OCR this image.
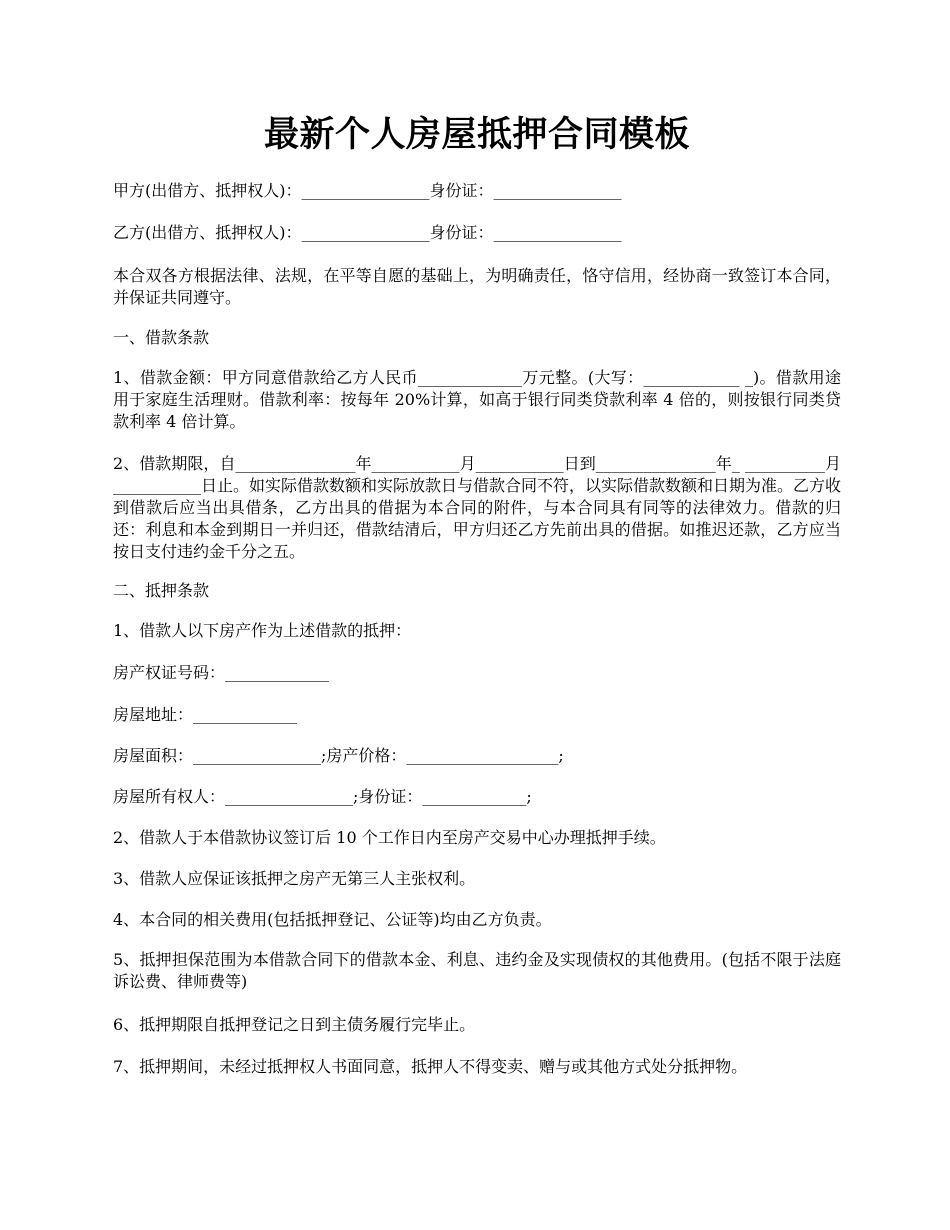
最新个人房屋抵押合同模板
甲方(出借方、抵押权人)：________________身份证：________________
乙方(出借方、抵押权人)：________________身份证：________________
本合双各方根据法律、法规，在平等自愿的基础上，为明确责任，恪守信用，经协商一致签订本合同，并保证共同遵守。
一、借款条款
1、借款金额：甲方同意借款给乙方人民币_____________万元整。(大写：____________ _)。借款用途用于家庭生活理财。借款利率：按每年 20%计算，如高于银行同类贷款利率 4 倍的，则按银行同类贷款利率 4 倍计算。
2、借款期限，自_______________年___________月___________日到_______________年_ __________月___________日止。如实际借款数额和实际放款日与借款合同不符，以实际借款数额和日期为准。乙方收到借款后应当出具借条，乙方出具的借据为本合同的附件，与本合同具有同等的法律效力。借款的归还：利息和本金到期日一并归还，借款结清后，甲方归还乙方先前出具的借据。如推迟还款，乙方应当按日支付违约金千分之五。
二、抵押条款
1、借款人以下房产作为上述借款的抵押：
房产权证号码：_____________
房屋地址：_____________
房屋面积：________________;房产价格：___________________;
房屋所有权人：________________;身份证：_____________;
2、借款人于本借款协议签订后 10 个工作日内至房产交易中心办理抵押手续。
3、借款人应保证该抵押之房产无第三人主张权利。
4、本合同的相关费用(包括抵押登记、公证等)均由乙方负责。
5、抵押担保范围为本借款合同下的借款本金、利息、违约金及实现债权的其他费用。(包括不限于法庭诉讼费、律师费等)
6、抵押期限自抵押登记之日到主债务履行完毕止。
7、抵押期间，未经过抵押权人书面同意，抵押人不得变卖、赠与或其他方式处分抵押物。
